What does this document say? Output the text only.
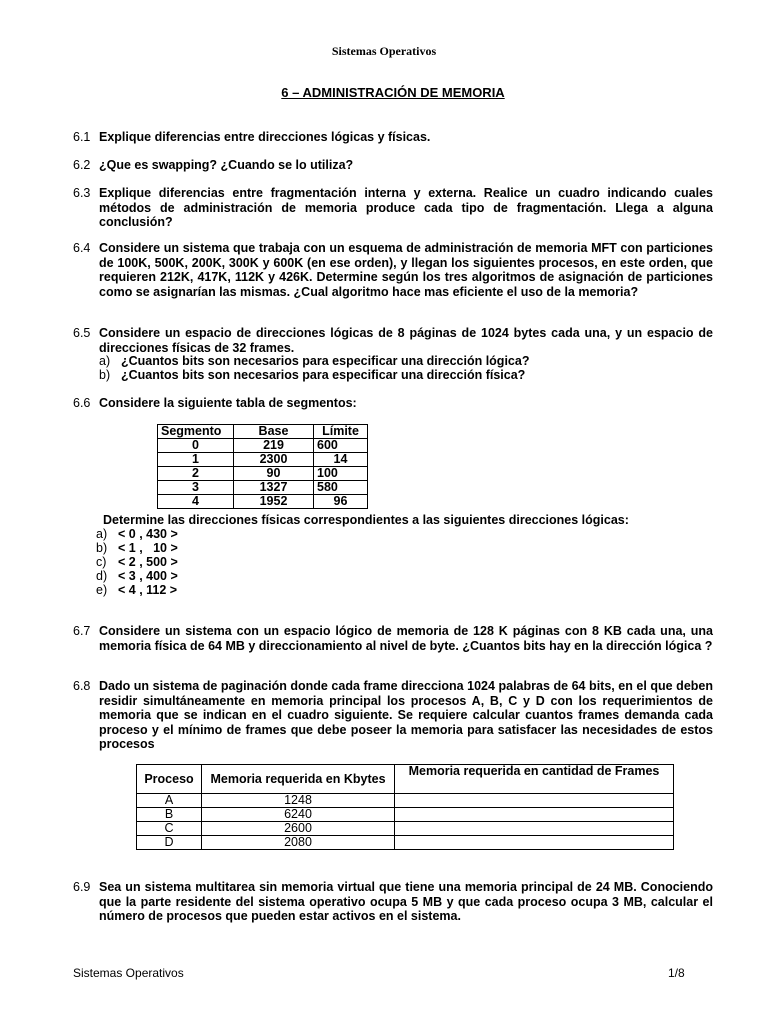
Sistemas Operativos
6 – ADMINISTRACIÓN DE MEMORIA
6.1 Explique diferencias entre direcciones lógicas y físicas.
6.2 ¿Que es swapping? ¿Cuando se lo utiliza?
6.3 Explique diferencias entre fragmentación interna y externa. Realice un cuadro indicando cuales métodos de administración de memoria produce cada tipo de fragmentación. Llega a alguna conclusión?
6.4 Considere un sistema que trabaja con un esquema de administración de memoria MFT con particiones de 100K, 500K, 200K, 300K y 600K (en ese orden), y llegan los siguientes procesos, en este orden, que requieren 212K, 417K, 112K y 426K. Determine según los tres algoritmos de asignación de particiones como se asignarían las mismas. ¿Cual algoritmo hace mas eficiente el uso de la memoria?
6.5 Considere un espacio de direcciones lógicas de 8 páginas de 1024 bytes cada una, y un espacio de direcciones físicas de 32 frames.
a) ¿Cuantos bits son necesarios para especificar una dirección lógica?
b) ¿Cuantos bits son necesarios para especificar una dirección física?
6.6 Considere la siguiente tabla de segmentos:
Segmento	Base	Límite
0	219	600
1	2300	14
2	90	100
3	1327	580
4	1952	96
Determine las direcciones físicas correspondientes a las siguientes direcciones lógicas:
a) < 0 , 430 >
b) < 1 ,   10 >
c) < 2 , 500 >
d) < 3 , 400 >
e) < 4 , 112 >
6.7 Considere un sistema con un espacio lógico de memoria de 128 K páginas con 8 KB cada una, una memoria física de 64 MB y direccionamiento al nivel de byte. ¿Cuantos bits hay en la dirección lógica ?
6.8 Dado un sistema de paginación donde cada frame direcciona 1024 palabras de 64 bits, en el que deben residir simultáneamente en memoria principal los procesos A, B, C y D con los requerimientos de memoria que se indican en el cuadro siguiente. Se requiere calcular cuantos frames demanda cada proceso y el mínimo de frames que debe poseer la memoria para satisfacer las necesidades de estos procesos
Proceso	Memoria requerida en Kbytes	Memoria requerida en cantidad de Frames
A	1248	
B	6240	
C	2600	
D	2080	
6.9 Sea un sistema multitarea sin memoria virtual que tiene una memoria principal de 24 MB. Conociendo que la parte residente del sistema operativo ocupa 5 MB y que cada proceso ocupa 3 MB, calcular el número de procesos que pueden estar activos en el sistema.
Sistemas Operativos	1/8
